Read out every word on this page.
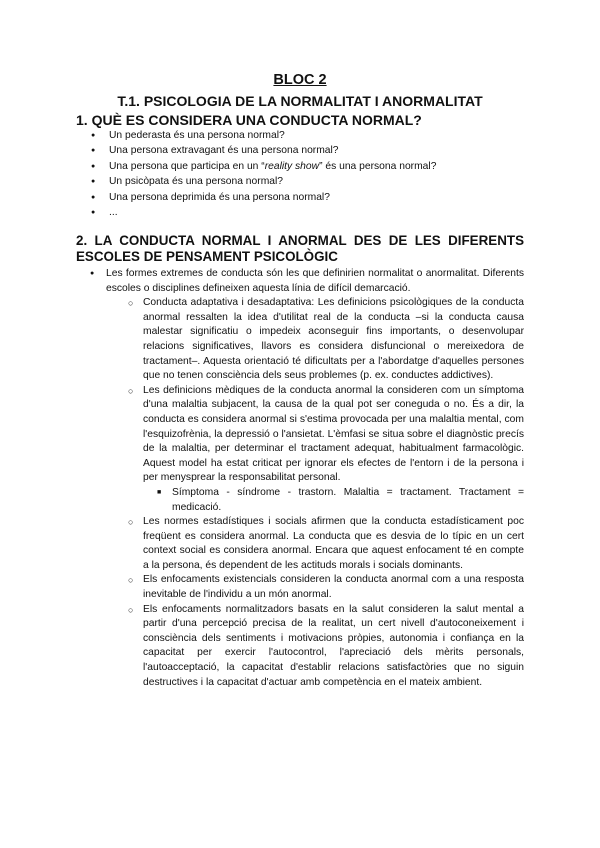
BLOC 2
T.1. PSICOLOGIA DE LA NORMALITAT I ANORMALITAT
1. QUÈ ES CONSIDERA UNA CONDUCTA NORMAL?
● Un pederasta és una persona normal?
● Una persona extravagant és una persona normal?
● Una persona que participa en un “reality show” és una persona normal?
● Un psicòpata és una persona normal?
● Una persona deprimida és una persona normal?
● ...
2. LA CONDUCTA NORMAL I ANORMAL DES DE LES DIFERENTS
ESCOLES DE PENSAMENT PSICOLÒGIC

● Les formes extremes de conducta són les que definirien normalitat o anormalitat. Diferents escoles o disciplines defineixen aquesta línia de difícil demarcació.

○ Conducta adaptativa i desadaptativa: Les definicions psicològiques de la conducta anormal ressalten la idea d'utilitat real de la conducta –si la conducta causa malestar significatiu o impedeix aconseguir fins importants, o desenvolupar relacions significatives, llavors es considera disfuncional o mereixedora de tractament–. Aquesta orientació té dificultats per a l'abordatge d'aquelles persones que no tenen consciència dels seus problemes (p. ex. conductes addictives).

○ Les definicions mèdiques de la conducta anormal la consideren com un símptoma d'una malaltia subjacent, la causa de la qual pot ser coneguda o no. És a dir, la conducta es considera anormal si s'estima provocada per una malaltia mental, com l'esquizofrènia, la depressió o l'ansietat. L'èmfasi se situa sobre el diagnòstic precís de la malaltia, per determinar el tractament adequat, habitualment farmacològic. Aquest model ha estat criticat per ignorar els efectes de l'entorn i de la persona i per menysprear la responsabilitat personal.

■ Símptoma - síndrome - trastorn. Malaltia = tractament. Tractament = medicació.

○ Les normes estadístiques i socials afirmen que la conducta estadísticament poc freqüent es considera anormal. La conducta que es desvia de lo típic en un cert context social es considera anormal. Encara que aquest enfocament té en compte a la persona, és dependent de les actituds morals i socials dominants.

○ Els enfocaments existencials consideren la conducta anormal com a una resposta inevitable de l'individu a un món anormal.

○ Els enfocaments normalitzadors basats en la salut consideren la salut mental a partir d'una percepció precisa de la realitat, un cert nivell d'autoconeixement i consciència dels sentiments i motivacions pròpies, autonomia i confiança en la capacitat per exercir l'autocontrol, l'apreciació dels mèrits personals, l'autoacceptació, la capacitat d'establir relacions satisfactòries que no siguin destructives i la capacitat d'actuar amb competència en el mateix ambient.
